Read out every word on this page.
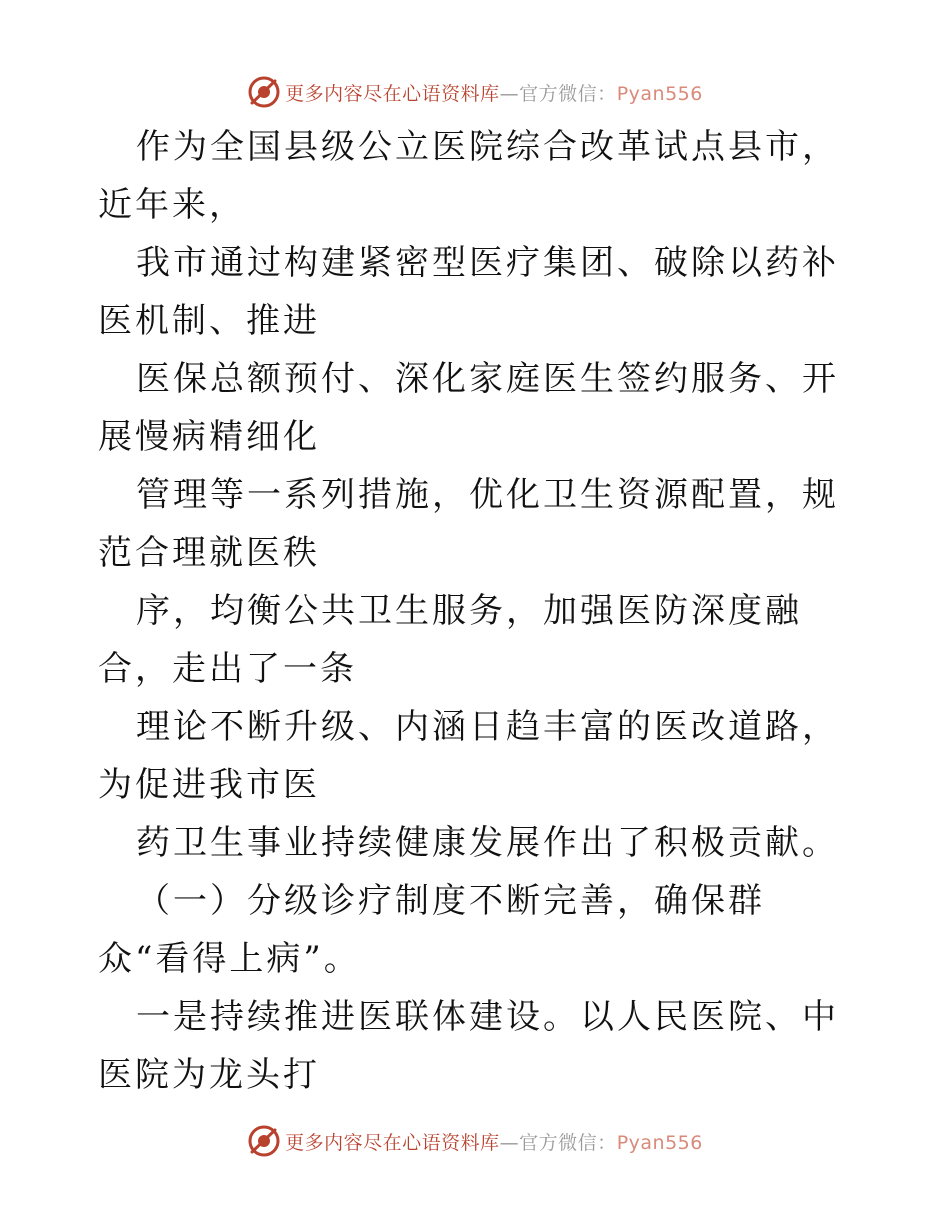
更多内容尽在心语资料库—官方微信：Pyan556

作为全国县级公立医院综合改革试点县市，近年来，

我市通过构建紧密型医疗集团、破除以药补医机制、推进

医保总额预付、深化家庭医生签约服务、开展慢病精细化

管理等一系列措施，优化卫生资源配置，规范合理就医秩

序，均衡公共卫生服务，加强医防深度融合，走出了一条

理论不断升级、内涵日趋丰富的医改道路，为促进我市医

药卫生事业持续健康发展作出了积极贡献。

（一）分级诊疗制度不断完善，确保群众“看得上病”。

一是持续推进医联体建设。以人民医院、中医院为龙头打

更多内容尽在心语资料库—官方微信：Pyan556
